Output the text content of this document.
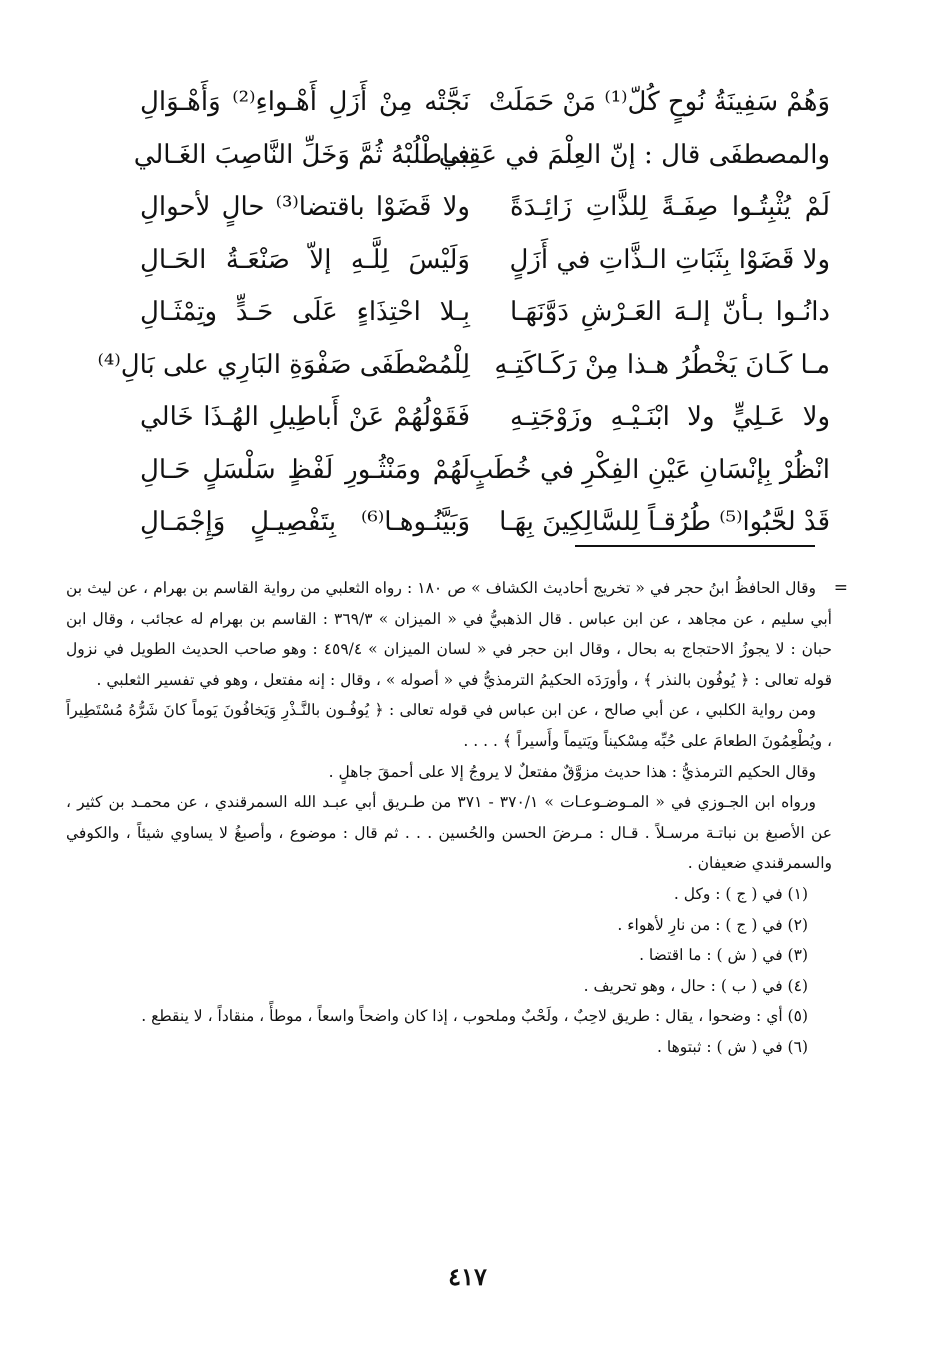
وَهُمْ سَفِينَةُ نُوحٍ كُلّ⁽¹⁾ مَنْ حَمَلَتْ
نَجَّتْه مِنْ أَزَلِ أَهْـواءِ⁽²⁾ وَأَهْـوَالِ
والمصطفَى قال : إنّ العِلْمَ في عَقِبي
فـاطْلُبْهُ ثُمَّ وَخَلِّ النَّاصِبَ الغَـالي
لَمْ يُثْبِتُـوا صِفَـةً لِلذَّاتِ زَائِـدَةً
ولا قَضَوْا باقتضا⁽³⁾ حالٍ لأحوالِ
ولا قَضَوْا بِثَبَاتِ الـذَّاتِ في أَزَلٍ
وَلَيْسَ لِلَّـهِ إلاّ صَنْعَـةُ الحَـالِ
دانُـوا بـأنّ إلـهَ العَـرْشِ دَوَّنَهَـا
بِـلا احْتِذَاءٍ عَلَى حَـدٍّ وتِمْثَـالِ
مـا كَـانَ يَخْطُرُ هـذا مِنْ رَكَـاكَتِـهِ
لِلْمُصْطَفَى صَفْوَةِ البَارِي على بَالِ⁽⁴⁾
ولا عَـلِيٍّ ولا ابْنَـيْـهِ وزَوْجَتِـهِ
فَقَوْلُهُمْ عَنْ أَباطِيلِ الهُـذَا خَالي
انْظُرْ بِإنْسَانِ عَيْنِ الفِكْرِ في خُطَبٍ
لَهُمْ ومَنْثُـورِ لَفْظٍ سَلْسَلٍ حَـالِ
قَدْ لحَّبُوا⁽⁵⁾ طُرُقـاً لِلسَّالِكِينَ بِهَـا
وَبَيَّنُـوهـا⁽⁶⁾ بِتَفْصِيـلٍ وَإِجْمَـالِ

=
وقال الحافظُ ابنُ حجر في « تخريج أحاديث الكشاف » ص ١٨٠ : رواه الثعلبي من رواية القاسم بن بهرام ، عن ليث بن أبي سليم ، عن مجاهد ، عن ابن عباس . قال الذهبيُّ في « الميزان » ٣٦٩/٣ : القاسم بن بهرام له عجائب ، وقال ابن حبان : لا يجوزُ الاحتجاج به بحال ، وقال ابن حجر في « لسان الميزان » ٤٥٩/٤ : وهو صاحب الحديث الطويل في نزول قوله تعالى : ﴿ يُوفُون بالنذر ﴾ ، وأورَدَه الحكيمُ الترمذيُّ في « أصوله » ، وقال : إنه مفتعل ، وهو في تفسير الثعلبي .

ومن رواية الكلبي ، عن أبي صالح ، عن ابن عباس في قوله تعالى : ﴿ يُوفُـون بالنَّـذْرِ وَيَخافُونَ يَوماً كانَ شَرُّهُ مُسْتَطِيراً ، ويُطْعِمُونَ الطعامَ على حُبِّه مِسْكيناً ويَتيماً وأَسيراً ﴾ . . . .

وقال الحكيم الترمذيُّ : هذا حديث مزوَّقٌ مفتعلٌ لا يروجُ إلا على أحمقَ جاهلٍ .

ورواه ابن الجـوزي في « المـوضـوعـات » ٣٧٠/١ - ٣٧١ من طـريق أبي عبـد الله السمرقندي ، عن محمـد بن كثير ، عن الأصبغ بن نباتـة مرسـلاً . قـال : مـرضَ الحسن والحُسين . . . ثم قال : موضوع ، وأصبغُ لا يساوي شيئاً ، والكوفي والسمرقندي ضعيفان .

(١) في ( ج ) : وكل .

(٢) في ( ج ) : من نارِ لأهواء .

(٣) في ( ش ) : ما اقتضا .

(٤) في ( ب ) : حال ، وهو تحريف .

(٥) أي : وضحوا ، يقال : طريق لاحِبٌ ، ولَحْبٌ وملحوب ، إذا كان واضحاً واسعاً ، موطأً ، منقاداً ، لا ينقطع .

(٦) في ( ش ) : ثبتوها .

٤١٧
